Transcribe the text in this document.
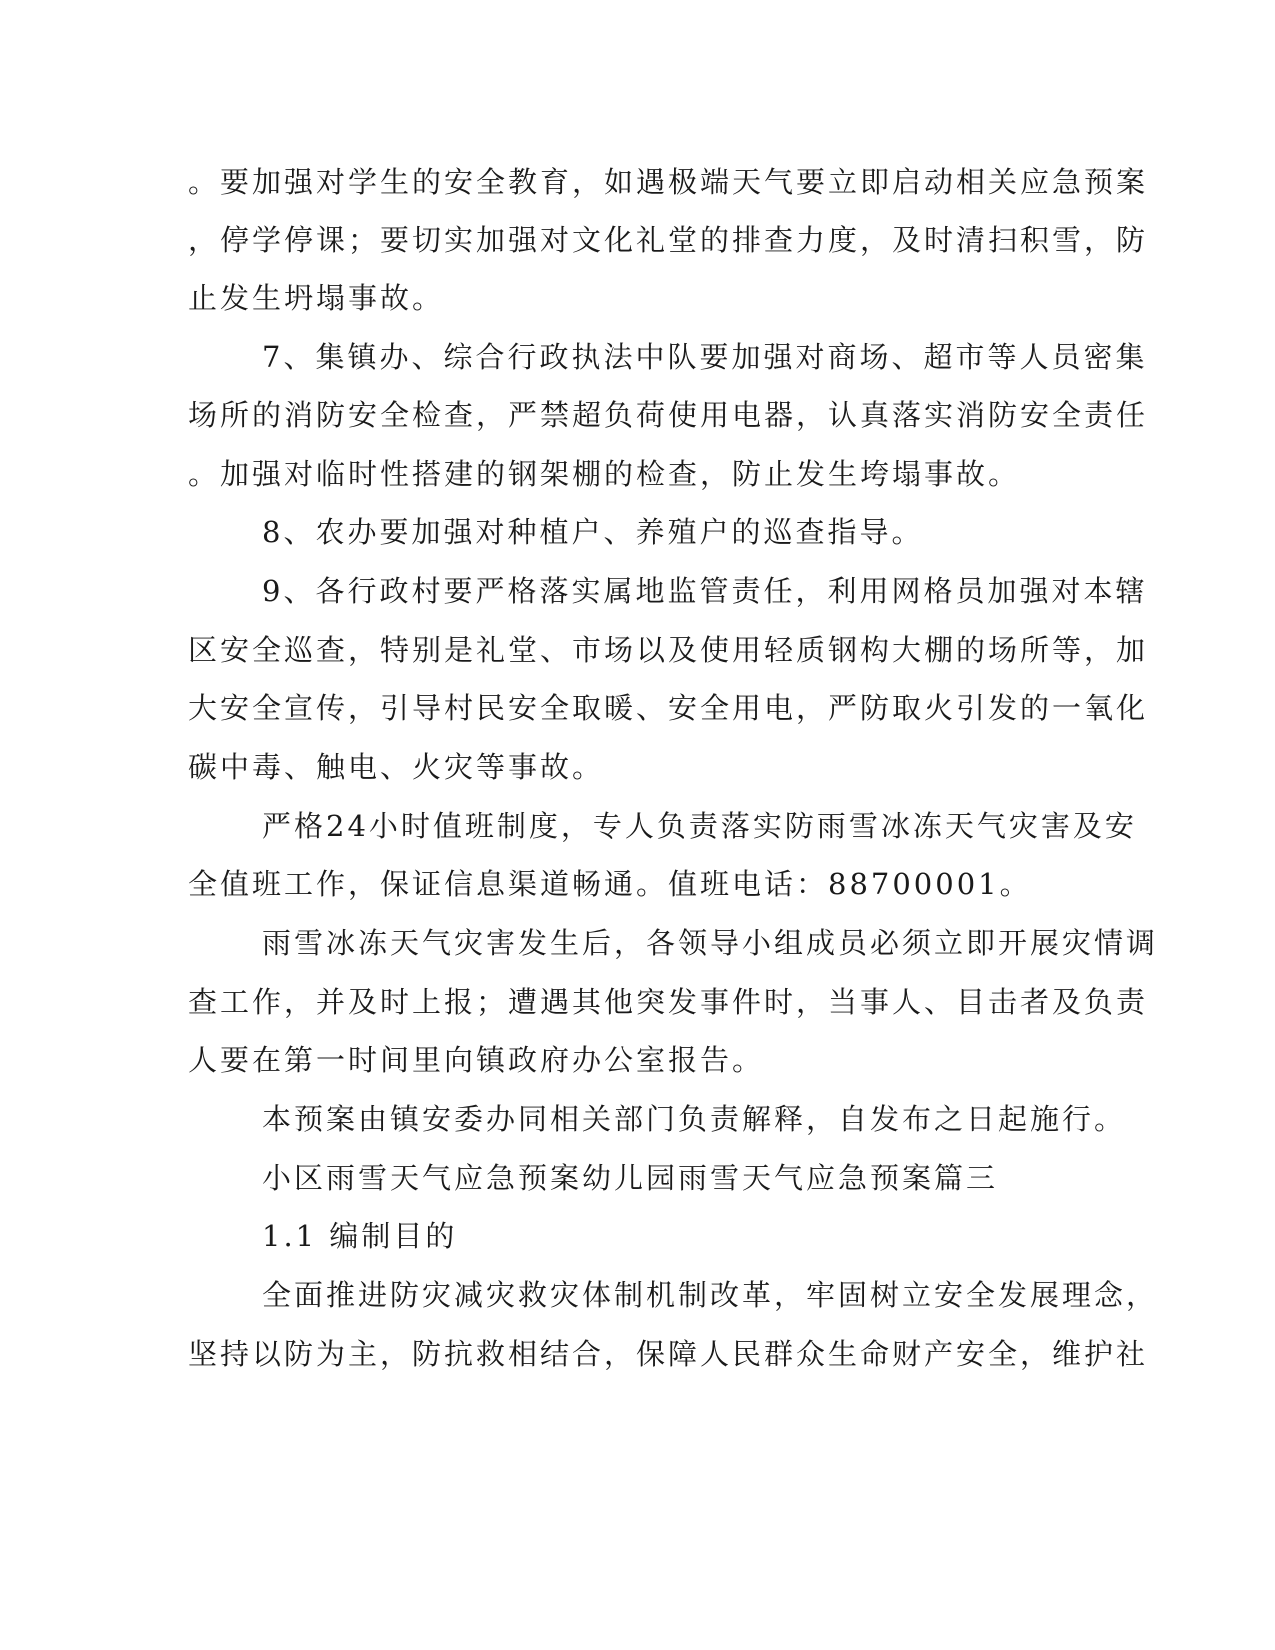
。要加强对学生的安全教育，如遇极端天气要立即启动相关应急预案
，停学停课；要切实加强对文化礼堂的排查力度，及时清扫积雪，防
止发生坍塌事故。
7、集镇办、综合行政执法中队要加强对商场、超市等人员密集
场所的消防安全检查，严禁超负荷使用电器，认真落实消防安全责任
。加强对临时性搭建的钢架棚的检查，防止发生垮塌事故。
8、农办要加强对种植户、养殖户的巡查指导。
9、各行政村要严格落实属地监管责任，利用网格员加强对本辖
区安全巡查，特别是礼堂、市场以及使用轻质钢构大棚的场所等，加
大安全宣传，引导村民安全取暖、安全用电，严防取火引发的一氧化
碳中毒、触电、火灾等事故。
严格24小时值班制度，专人负责落实防雨雪冰冻天气灾害及安
全值班工作，保证信息渠道畅通。值班电话：88700001。
雨雪冰冻天气灾害发生后，各领导小组成员必须立即开展灾情调
查工作，并及时上报；遭遇其他突发事件时，当事人、目击者及负责
人要在第一时间里向镇政府办公室报告。
本预案由镇安委办同相关部门负责解释，自发布之日起施行。
小区雨雪天气应急预案幼儿园雨雪天气应急预案篇三
1.1 编制目的
全面推进防灾减灾救灾体制机制改革，牢固树立安全发展理念，
坚持以防为主，防抗救相结合，保障人民群众生命财产安全，维护社
